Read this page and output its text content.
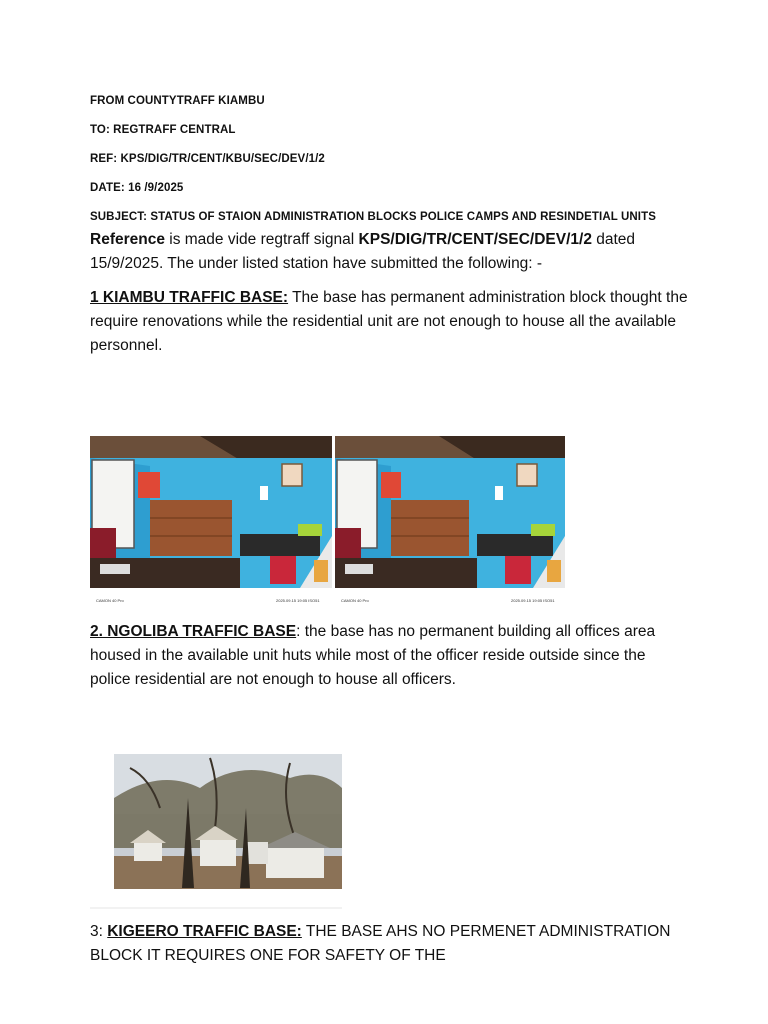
FROM COUNTYTRAFF KIAMBU
TO: REGTRAFF CENTRAL
REF: KPS/DIG/TR/CENT/KBU/SEC/DEV/1/2
DATE: 16 /9/2025
SUBJECT: STATUS OF STAION ADMINISTRATION BLOCKS POLICE CAMPS AND RESINDETIAL UNITS
Reference is made vide regtraff signal KPS/DIG/TR/CENT/SEC/DEV/1/2 dated 15/9/2025. The under listed station have submitted the following: -
1 KIAMBU TRAFFIC BASE: The base has permanent administration block thought the require renovations while the residential unit are not enough to house all the available personnel.
CAMON 40 Pro	2025.09.15 19:05 ISO51	CAMON 40 Pro	2025.09.15 19:05 ISO51
2. NGOLIBA TRAFFIC BASE: the base has no permanent building all offices area housed in the available unit huts while most of the officer reside outside since the police residential are not enough to house all officers.
3: KIGEERO TRAFFIC BASE: THE BASE AHS NO PERMENET ADMINISTRATION BLOCK IT REQUIRES ONE FOR SAFETY OF THE
